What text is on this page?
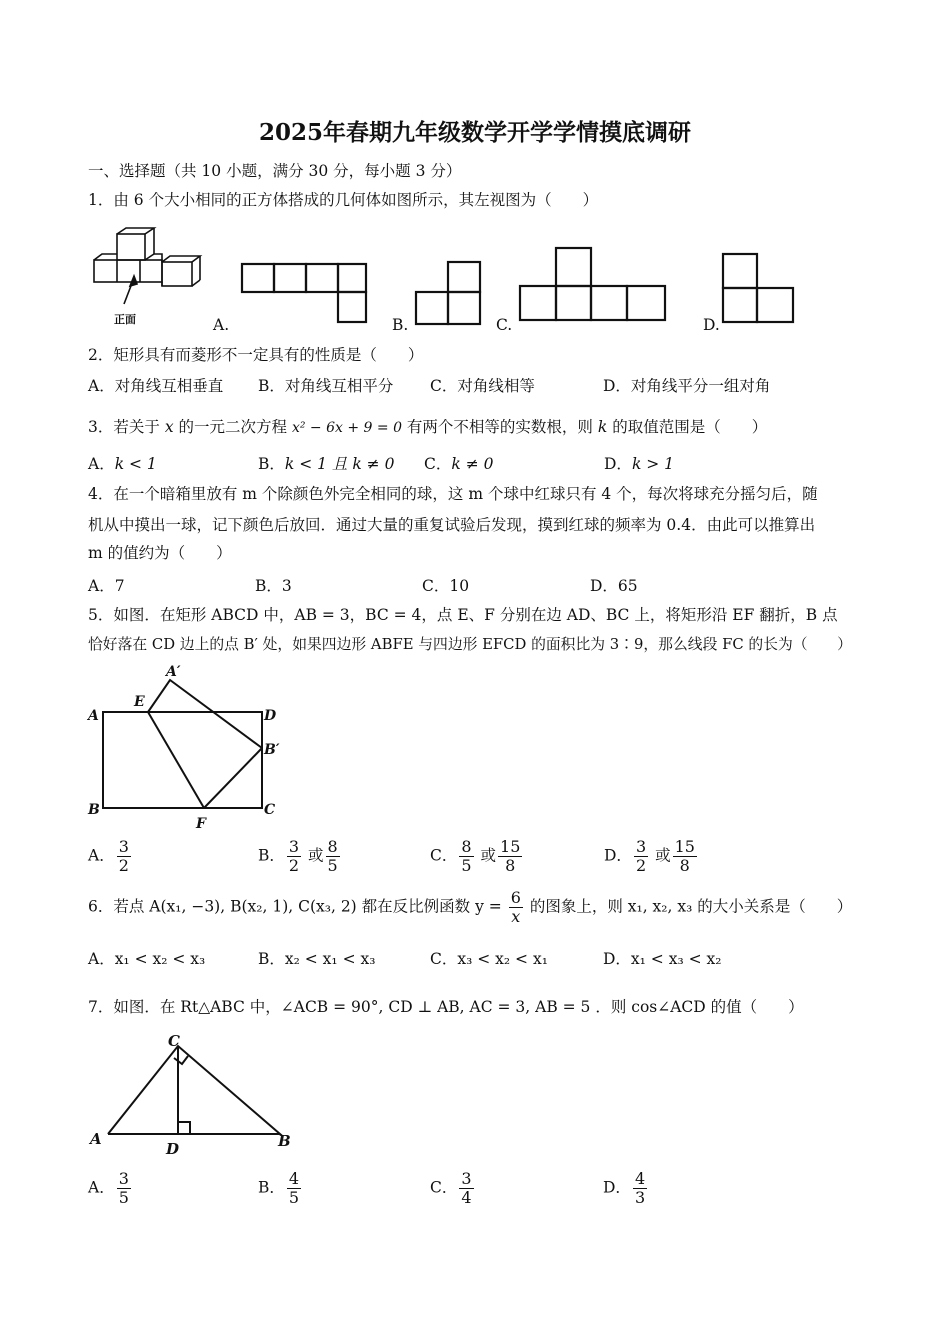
2025年春期九年级数学开学学情摸底调研
一、选择题（共 10 小题，满分 30 分，每小题 3 分）
1．由 6 个大小相同的正方体搭成的几何体如图所示，其左视图为（　　）
正面	A.	B.	C.	D.
2．矩形具有而菱形不一定具有的性质是（　　）
A．对角线互相垂直 B．对角线互相平分 C．对角线相等	D．对角线平分一组对角
3．若关于 x 的一元二次方程 x² − 6x + 9 = 0 有两个不相等的实数根，则 k 的取值范围是（　　）
A．k < 1	B．k < 1 且 k ≠ 0 C．k ≠ 0	D．k > 1
4．在一个暗箱里放有 m 个除颜色外完全相同的球，这 m 个球中红球只有 4 个，每次将球充分摇匀后，随
机从中摸出一球，记下颜色后放回．通过大量的重复试验后发现，摸到红球的频率为 0.4．由此可以推算出
m 的值约为（　　）
A．7	B．3	C．10	D．65
5．如图．在矩形 ABCD 中，AB = 3，BC = 4，点 E、F 分别在边 AD、BC 上，将矩形沿 EF 翻折，B 点
恰好落在 CD 边上的点 B′ 处，如果四边形 ABFE 与四边形 EFCD 的面积比为 3∶9，那么线段 FC 的长为（　　）
A
B	C
D
E
F
A′
B′
A． $\frac{3}{2}$	B． $\frac{3}{2}$ 或 $\frac{8}{5}$	C． $\frac{8}{5}$ 或 $\frac{15}{8}$	D． $\frac{3}{2}$ 或 $\frac{15}{8}$
6．若点 A(x₁, −3), B(x₂, 1), C(x₃, 2) 都在反比例函数 $y = \frac{6}{x}$ 的图象上，则 x₁, x₂, x₃ 的大小关系是（　　）
A．x₁ < x₂ < x₃	B．x₂ < x₁ < x₃	C．x₃ < x₂ < x₁	D．x₁ < x₃ < x₂
7．如图．在 Rt△ABC 中，∠ACB = 90°, CD ⊥ AB, AC = 3, AB = 5 ．则 cos∠ACD 的值（　　）
A	B
C
D
A． $\frac{3}{5}$	B． $\frac{4}{5}$	C． $\frac{3}{4}$	D． $\frac{4}{3}$
